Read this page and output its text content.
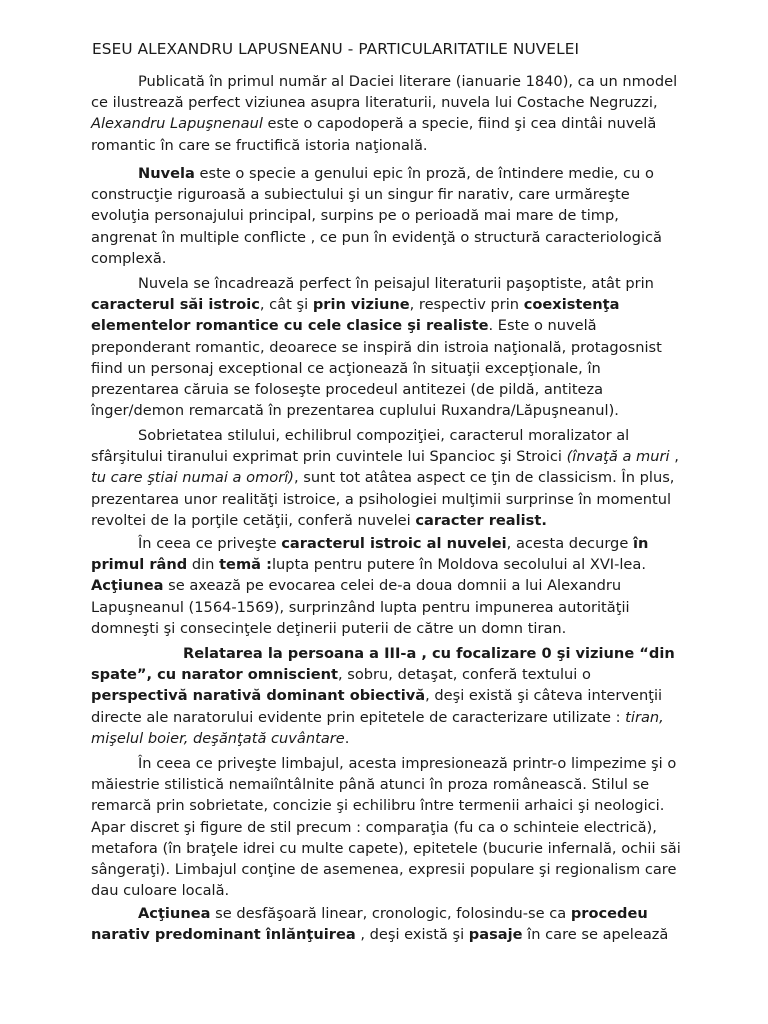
ESEU ALEXANDRU LAPUSNEANU - PARTICULARITATILE NUVELEI
Publicată în primul număr al Daciei literare (ianuarie 1840), ca un nmodel
ce ilustrează perfect viziunea asupra literaturii, nuvela lui Costache Negruzzi,
Alexandru Lapuşnenaul este o capodoperă a specie, fiind şi cea dintâi nuvelă
romantic în care se fructifică istoria naţională.
Nuvela este o specie a genului epic în proză, de întindere medie, cu o
construcţie riguroasă a subiectului şi un singur fir narativ, care urmăreşte
evoluţia personajului principal, surpins pe o perioadă mai mare de timp,
angrenat în multiple conflicte , ce pun în evidenţă o structură caracteriologică
complexă.
Nuvela se încadrează perfect în peisajul literaturii paşoptiste, atât prin
caracterul săi istroic, cât şi prin viziune, respectiv prin coexistenţa
elementelor romantice cu cele clasice şi realiste. Este o nuvelă
preponderant romantic, deoarece se inspiră din istroia naţională, protagosnist
fiind un personaj exceptional ce acţionează în situaţii excepţionale, în
prezentarea căruia se foloseşte procedeul antitezei (de pildă, antiteza
înger/demon remarcată în prezentarea cuplului Ruxandra/Lăpuşneanul).
Sobrietatea stilului, echilibrul compoziţiei, caracterul moralizator al
sfârşitului tiranului exprimat prin cuvintele lui Spancioc şi Stroici (învaţă a muri ,
tu care ştiai numai a omorî), sunt tot atâtea aspect ce ţin de classicism. În plus,
prezentarea unor realităţi istroice, a psihologiei mulţimii surprinse în momentul
revoltei de la porţile cetăţii, conferă nuvelei caracter realist.
În ceea ce priveşte caracterul istroic al nuvelei, acesta decurge în
primul rând din temă :lupta pentru putere în Moldova secolului al XVI-lea.
Acţiunea se axează pe evocarea celei de-a doua domnii a lui Alexandru
Lapuşneanul (1564-1569), surprinzând lupta pentru impunerea autorităţii
domneşti şi consecinţele deţinerii puterii de către un domn tiran.
Relatarea la persoana a III-a , cu focalizare 0 şi viziune “din
spate”, cu narator omniscient, sobru, detaşat, conferă textului o
perspectivă narativă dominant obiectivă, deşi există şi câteva intervenţii
directe ale naratorului evidente prin epitetele de caracterizare utilizate : tiran,
mişelul boier, deşănţată cuvântare.
În ceea ce priveşte limbajul, acesta impresionează printr-o limpezime şi o
măiestrie stilistică nemaiîntâlnite până atunci în proza românească. Stilul se
remarcă prin sobrietate, concizie şi echilibru între termenii arhaici şi neologici.
Apar discret şi figure de stil precum : comparaţia (fu ca o schinteie electrică),
metafora (în braţele idrei cu multe capete), epitetele (bucurie infernală, ochii săi
sângeraţi). Limbajul conţine de asemenea, expresii populare şi regionalism care
dau culoare locală.
Acţiunea se desfăşoară linear, cronologic, folosindu-se ca procedeu
narativ predominant înlănţuirea , deşi există şi pasaje în care se apelează
